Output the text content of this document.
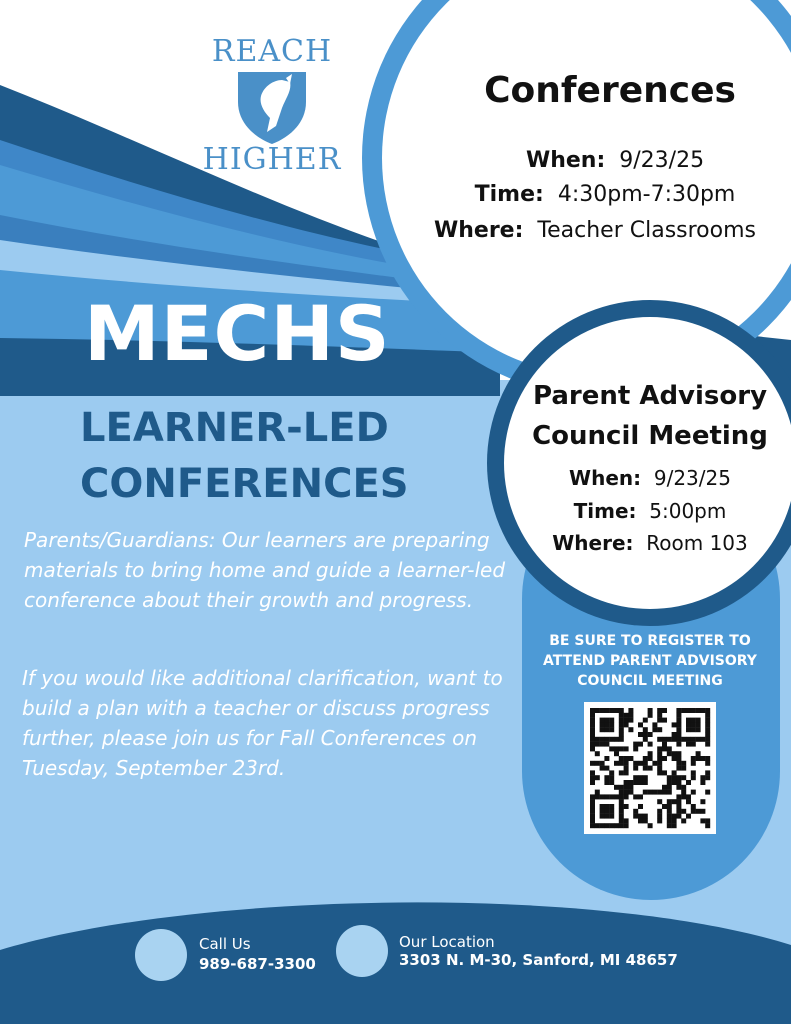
REACH
HIGHER
MECHS
LEARNER-LED
CONFERENCES
Parents/Guardians: Our learners are preparing materials to bring home and guide a learner-led conference about their growth and progress.
If you would like additional clarification, want to build a plan with a teacher or discuss progress further, please join us for Fall Conferences on Tuesday, September 23rd.
Conferences
When: 9/23/25
Time: 4:30pm-7:30pm
Where: Teacher Classrooms
Parent Advisory
Council Meeting
When: 9/23/25
Time: 5:00pm
Where: Room 103
BE SURE TO REGISTER TO
ATTEND PARENT ADVISORY
COUNCIL MEETING
Call Us
989-687-3300
Our Location
3303 N. M-30, Sanford, MI 48657
